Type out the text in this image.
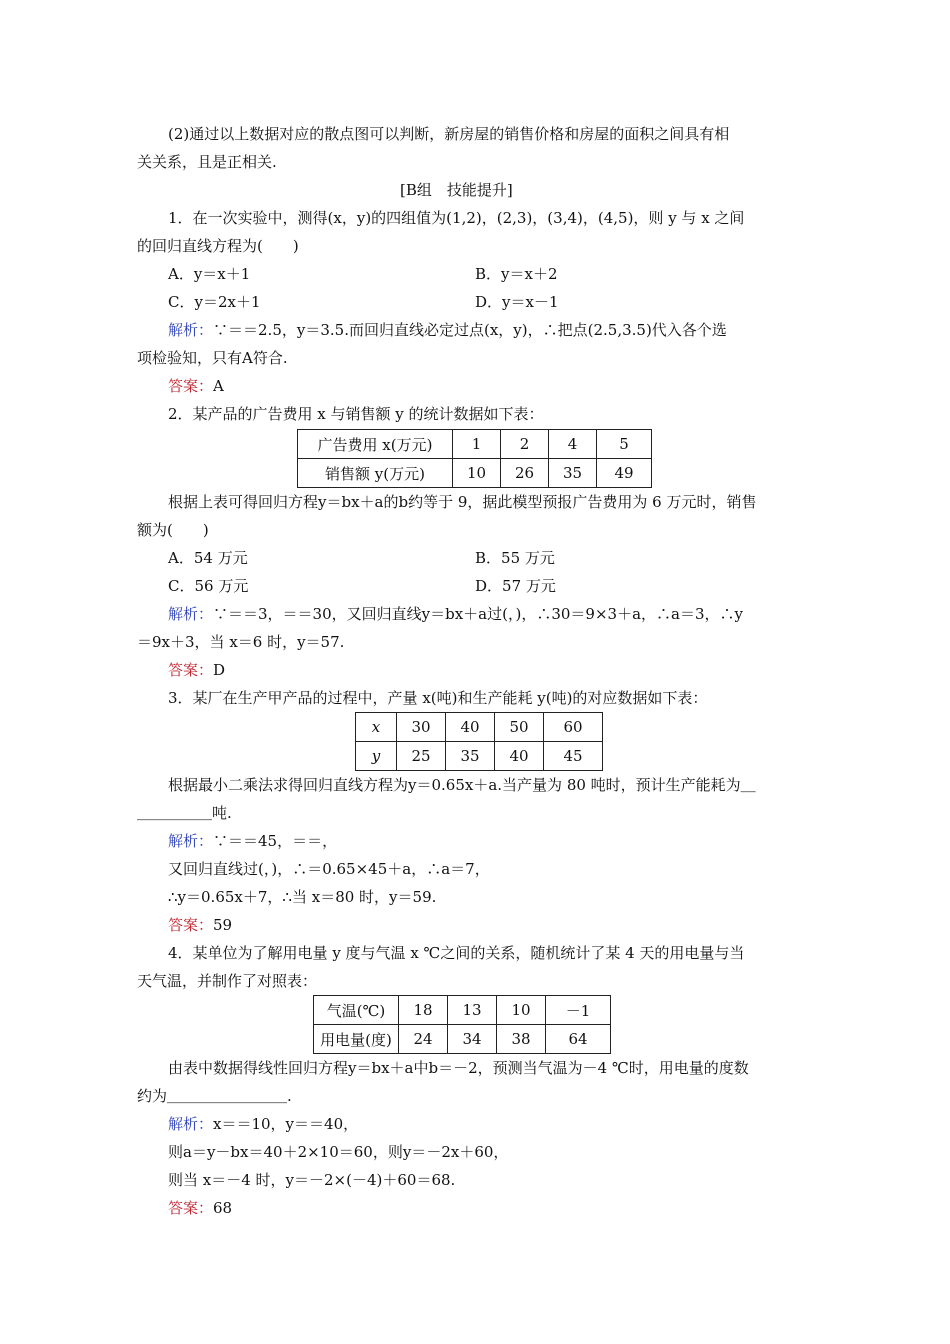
(2)通过以上数据对应的散点图可以判断，新房屋的销售价格和房屋的面积之间具有相
关关系，且是正相关.
[B组　技能提升]
1．在一次实验中，测得(x，y)的四组值为(1,2)，(2,3)，(3,4)，(4,5)，则 y 与 x 之间
的回归直线方程为(　　)
A．y＝x＋1	B．y＝x＋2
C．y＝2x＋1	D．y＝x－1
解析：∵＝＝2.5，y＝3.5.而回归直线必定过点(x，y)，∴把点(2.5,3.5)代入各个选
项检验知，只有A符合.
答案：A
2．某产品的广告费用 x 与销售额 y 的统计数据如下表：
广告费用 x(万元)	1	2	4	5
销售额 y(万元)	10	26	35	49
根据上表可得回归方程y＝bx＋a的b约等于 9，据此模型预报广告费用为 6 万元时，销售
额为(　　)
A．54 万元	B．55 万元
C．56 万元	D．57 万元
解析：∵＝＝3，＝＝30，又回归直线y＝bx＋a过(，)，∴30＝9×3＋a，∴a＝3，∴y
＝9x＋3，当 x＝6 时，y＝57.
答案：D
3．某厂在生产甲产品的过程中，产量 x(吨)和生产能耗 y(吨)的对应数据如下表：
x	30	40	50	60
y	25	35	40	45
根据最小二乘法求得回归直线方程为y＝0.65x＋a.当产量为 80 吨时，预计生产能耗为＿
＿＿＿＿＿吨.
解析：∵＝＝45，＝＝，
又回归直线过(，)，∴＝0.65×45＋a，∴a＝7，
∴y＝0.65x＋7，∴当 x＝80 时，y＝59.
答案：59
4．某单位为了解用电量 y 度与气温 x ℃之间的关系，随机统计了某 4 天的用电量与当
天气温，并制作了对照表：
气温(℃)	18	13	10	－1
用电量(度)	24	34	38	64
由表中数据得线性回归方程y＝bx＋a中b＝－2，预测当气温为－4 ℃时，用电量的度数
约为＿＿＿＿＿＿＿＿.
解析：x＝＝10，y＝＝40，
则a＝y－bx＝40＋2×10＝60，则y＝－2x＋60，
则当 x＝－4 时，y＝－2×(－4)＋60＝68.
答案：68
